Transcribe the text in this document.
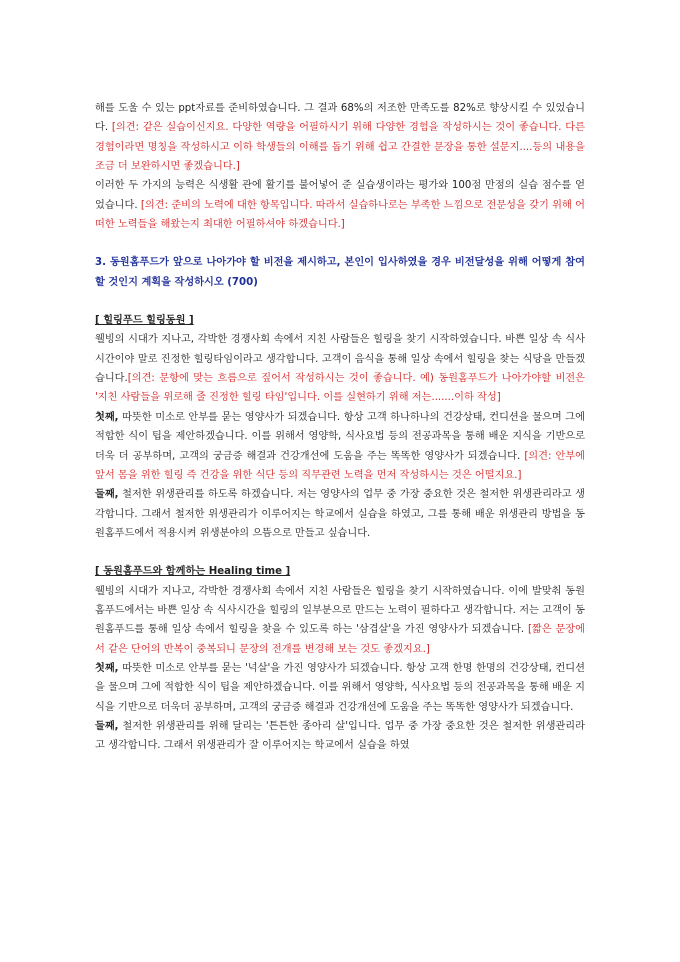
해를 도울 수 있는 ppt자료를 준비하였습니다. 그 결과 68%의 저조한 만족도를 82%로 향상시킬 수 있었습니다. [의견: 같은 실습이신지요. 다양한 역량을 어필하시기 위해 다양한 경험을 작성하시는 것이 좋습니다. 다른 경험이라면 명칭을 작성하시고 이하 학생들의 이해를 돕기 위해 쉽고 간결한 문장을 통한 설문지....등의 내용을 조금 더 보완하시면 좋겠습니다.]

이러한 두 가지의 능력은 식생활 관에 활기를 불어넣어 준 실습생이라는 평가와 100점 만점의 실습 점수를 얻었습니다. [의견: 준비의 노력에 대한 항목입니다. 따라서 실습하나로는 부족한 느낌으로 전문성을 갖기 위해 어떠한 노력들을 해왔는지 최대한 어필하셔야 하겠습니다.]

3. 동원홈푸드가 앞으로 나아가야 할 비전을 제시하고, 본인이 입사하였을 경우 비전달성을 위해 어떻게 참여할 것인지 계획을 작성하시오 (700)

[ 힐링푸드 힐링동원 ]

웰빙의 시대가 지나고, 각박한 경쟁사회 속에서 지친 사람들은 힐링을 찾기 시작하였습니다. 바쁜 일상 속 식사시간이야 말로 진정한 힐링타임이라고 생각합니다. 고객이 음식을 통해 일상 속에서 힐링을 찾는 식당을 만들겠습니다.[의견: 문항에 맞는 흐름으로 짚어서 작성하시는 것이 좋습니다. 예) 동원홈푸드가 나아가야할 비전은 '지친 사람들을 위로해 줄 진정한 힐링 타임'입니다. 이를 실현하기 위해 저는.......이하 작성]

첫째, 따뜻한 미소로 안부를 묻는 영양사가 되겠습니다. 항상 고객 하나하나의 건강상태, 컨디션을 물으며 그에 적합한 식이 팁을 제안하겠습니다. 이를 위해서 영양학, 식사요법 등의 전공과목을 통해 배운 지식을 기반으로 더욱 더 공부하며, 고객의 궁금증 해결과 건강개선에 도움을 주는 똑똑한 영양사가 되겠습니다. [의견: 안부에 앞서 몸을 위한 힐링 즉 건강을 위한 식단 등의 직무관련 노력을 먼저 작성하시는 것은 어떨지요.]

둘째, 철저한 위생관리를 하도록 하겠습니다. 저는 영양사의 업무 중 가장 중요한 것은 철저한 위생관리라고 생각합니다. 그래서 철저한 위생관리가 이루어지는 학교에서 실습을 하였고, 그를 통해 배운 위생관리 방법을 동원홈푸드에서 적용시켜 위생분야의 으뜸으로 만들고 싶습니다.

[ 동원홈푸드와 함께하는 Healing time ]

웰빙의 시대가 지나고, 각박한 경쟁사회 속에서 지친 사람들은 힐링을 찾기 시작하였습니다. 이에 발맞춰 동원홈푸드에서는 바쁜 일상 속 식사시간을 힐링의 일부분으로 만드는 노력이 필하다고 생각합니다. 저는 고객이 동원홈푸드를 통해 일상 속에서 힐링을 찾을 수 있도록 하는 '삼겹살'을 가진 영양사가 되겠습니다. [짧은 문장에서 같은 단어의 반복이 중복되니 문장의 전개를 변경해 보는 것도 좋겠지요.]

첫째, 따뜻한 미소로 안부를 묻는 '넉살'을 가진 영양사가 되겠습니다. 항상 고객 한명 한명의 건강상태, 컨디션을 물으며 그에 적합한 식이 팁을 제안하겠습니다. 이를 위해서 영양학, 식사요법 등의 전공과목을 통해 배운 지식을 기반으로 더욱더 공부하며, 고객의 궁금증 해결과 건강개선에 도움을 주는 똑똑한 영양사가 되겠습니다.

둘째, 철저한 위생관리를 위해 달리는 '튼튼한 종아리 살'입니다. 업무 중 가장 중요한 것은 철저한 위생관리라고 생각합니다. 그래서 위생관리가 잘 이루어지는 학교에서 실습을 하였
